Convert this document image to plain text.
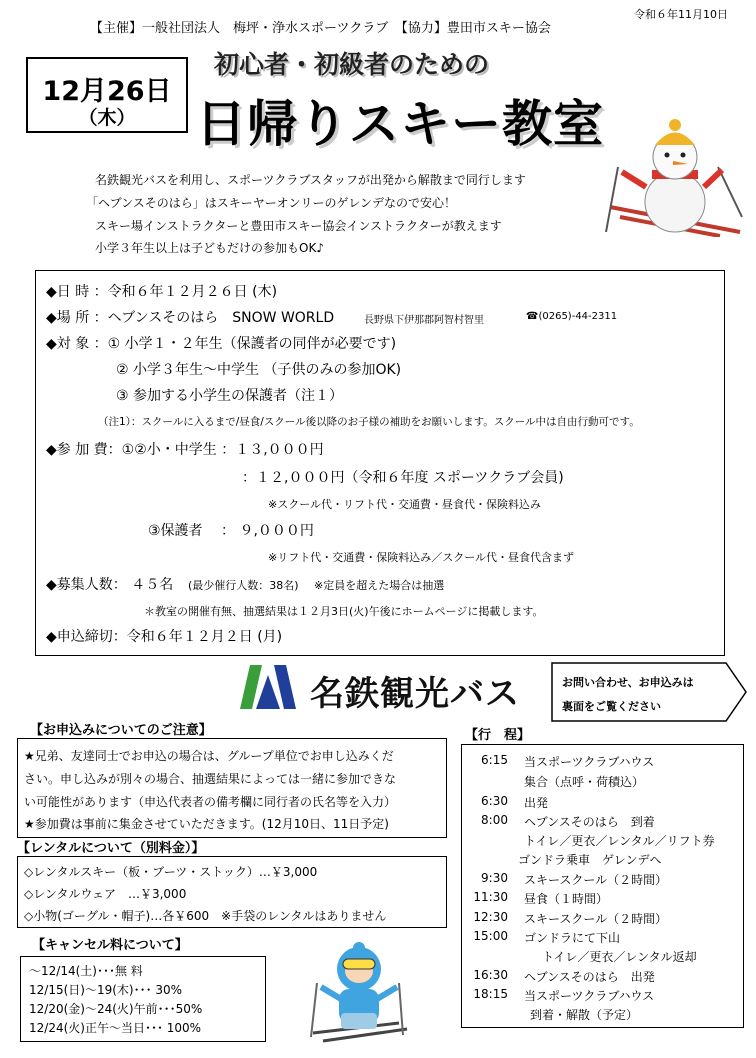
【主催】一般社団法人　梅坪・浄水スポーツクラブ　【協力】豊田市スキー協会
令和６年11月10日
12月26日
（木）
初心者・初級者のための
日帰りスキー教室
名鉄観光バスを利用し、スポーツクラブスタッフが出発から解散まで同行します
「ヘブンスそのはら」はスキーヤーオンリーのゲレンデなので安心！
スキー場インストラクターと豊田市スキー協会インストラクターが教えます
小学３年生以上は子どもだけの参加もOK♪
◆日 時 ：令和６年１２月２６日 (木)
◆場 所 ：ヘブンスそのはら　SNOW WORLD	長野県下伊那郡阿智村智里	☎(0265)-44-2311
◆対 象 ：① 小学１・２年生（保護者の同伴が必要です)
② 小学３年生～中学生 （子供のみの参加OK)
③ 参加する小学生の保護者（注１）
（注1）：スクールに入るまで/昼食/スクール後以降のお子様の補助をお願いします。スクール中は自由行動可です。
◆参 加 費：①②小・中学生 ：１３,０００円
：１２,０００円（令和６年度 スポーツクラブ会員)
※スクール代・リフト代・交通費・昼食代・保険料込み
③保護者　 ： ９,０００円
※リフト代・交通費・保険料込み／スクール代・昼食代含まず
◆募集人数： ４５名 (最少催行人数：38名) ※定員を超えた場合は抽選
＊教室の開催有無、抽選結果は１２月3日(火)午後にホームページに掲載します。
◆申込締切：令和６年１２月２日 (月)
名鉄観光バス	お問い合わせ、お申込みは
裏面をご覧ください
【お申込みについてのご注意】
★兄弟、友達同士でお申込の場合は、グループ単位でお申し込みくだ
さい。申し込みが別々の場合、抽選結果によっては一緒に参加できな
い可能性があります（申込代表者の備考欄に同行者の氏名等を入力）
★参加費は事前に集金させていただきます。(12月10日、11日予定)
【レンタルについて（別料金）】
◇レンタルスキー（板・ブーツ・ストック）…￥3,000
◇レンタルウェア　…￥3,000
◇小物(ゴーグル・帽子)…各￥600　※手袋のレンタルはありません
【キャンセル料について】
～12/14(土)･･･無 料
12/15(日)～19(木)･･･ 30%
12/20(金)～24(火)午前･･･50%
12/24(火)正午～当日･･･ 100%
【行　程】
6:15 当スポーツクラブハウス
集合（点呼・荷積込）
6:30 出発
8:00 ヘブンスそのはら　到着
トイレ／更衣／レンタル／リフト券
ゴンドラ乗車　ゲレンデへ
9:30 スキースクール（２時間）
11:30 昼食（１時間）
12:30 スキースクール（２時間）
15:00 ゴンドラにて下山
トイレ／更衣／レンタル返却
16:30 ヘブンスそのはら　出発
18:15 当スポーツクラブハウス
到着・解散（予定）
